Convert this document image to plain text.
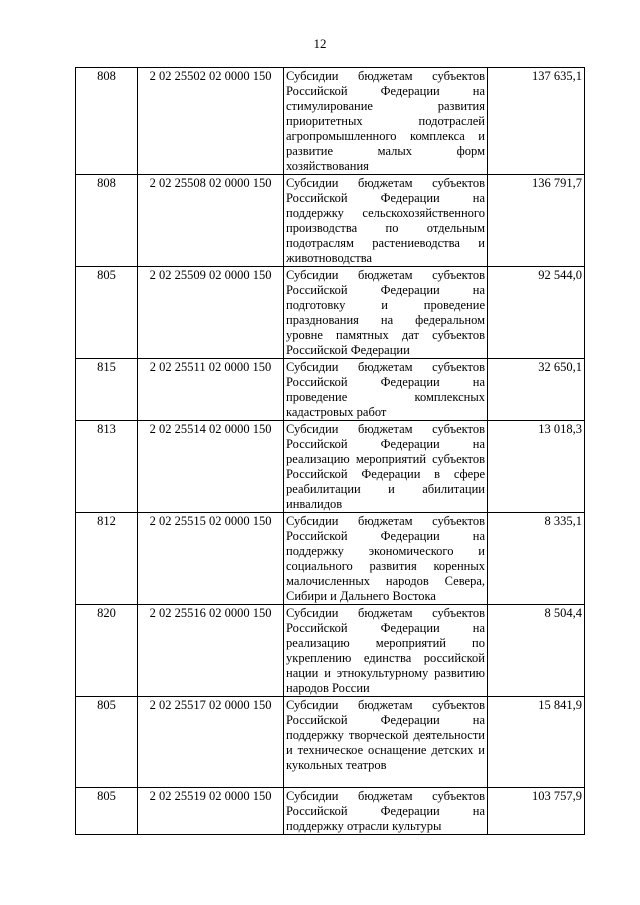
12
808	2 02 25502 02 0000 150	Субсидии бюджетам субъектов Российской Федерации на стимулирование развития приоритетных подотраслей агропромышленного комплекса и развитие малых форм хозяйствования	137 635,1
808	2 02 25508 02 0000 150	Субсидии бюджетам субъектов Российской Федерации на поддержку сельскохозяйственного производства по отдельным подотраслям растениеводства и животноводства	136 791,7
805	2 02 25509 02 0000 150	Субсидии бюджетам субъектов Российской Федерации на подготовку и проведение празднования на федеральном уровне памятных дат субъектов Российской Федерации	92 544,0
815	2 02 25511 02 0000 150	Субсидии бюджетам субъектов Российской Федерации на проведение комплексных кадастровых работ	32 650,1
813	2 02 25514 02 0000 150	Субсидии бюджетам субъектов Российской Федерации на реализацию мероприятий субъектов Российской Федерации в сфере реабилитации и абилитации инвалидов	13 018,3
812	2 02 25515 02 0000 150	Субсидии бюджетам субъектов Российской Федерации на поддержку экономического и социального развития коренных малочисленных народов Севера, Сибири и Дальнего Востока	8 335,1
820	2 02 25516 02 0000 150	Субсидии бюджетам субъектов Российской Федерации на реализацию мероприятий по укреплению единства российской нации и этнокультурному развитию народов России	8 504,4
805	2 02 25517 02 0000 150	Субсидии бюджетам субъектов Российской Федерации на поддержку творческой деятельности и техническое оснащение детских и кукольных театров	15 841,9
805	2 02 25519 02 0000 150	Субсидии бюджетам субъектов Российской Федерации на поддержку отрасли культуры	103 757,9
